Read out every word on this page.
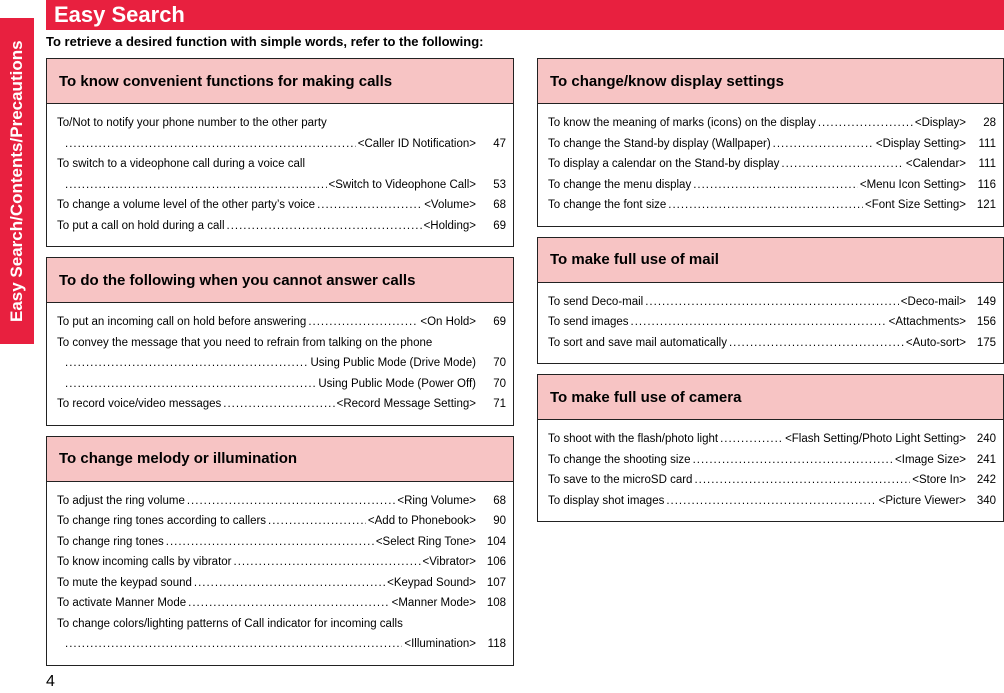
Easy Search/Contents/Precautions
Easy Search
To retrieve a desired function with simple words, refer to the following:
To know convenient functions for making calls
To/Not to notify your phone number to the other party
.....
<Caller ID Notification>	47
To switch to a videophone call during a voice call
.....
<Switch to Videophone Call>	53
To change a volume level of the other party’s voice .....	<Volume>	68
To put a call on hold during a call .....	<Holding>	69
To do the following when you cannot answer calls
To put an incoming call on hold before answering .....	<On Hold>	69
To convey the message that you need to refrain from talking on the phone
.....
Using Public Mode (Drive Mode)	70
.....
Using Public Mode (Power Off)	70
To record voice/video messages .....	<Record Message Setting>	71
To change melody or illumination
To adjust the ring volume .....	<Ring Volume>	68
To change ring tones according to callers .....	<Add to Phonebook>	90
To change ring tones .....	<Select Ring Tone> 104
To know incoming calls by vibrator .....	<Vibrator> 106
To mute the keypad sound .....	<Keypad Sound> 107
To activate Manner Mode .....	<Manner Mode> 108
To change colors/lighting patterns of Call indicator for incoming calls
.....
<Illumination>	118
To change/know display settings
To know the meaning of marks (icons) on the display .....	<Display>	28
To change the Stand-by display (Wallpaper) .....	<Display Setting>	111
To display a calendar on the Stand-by display .....	<Calendar>	111
To change the menu display .....	<Menu Icon Setting>	116
To change the font size .....	<Font Size Setting> 121
To make full use of mail
To send Deco-mail .....	<Deco-mail> 149
To send images .....	<Attachments> 156
To sort and save mail automatically .....	<Auto-sort> 175
To make full use of camera
To shoot with the flash/photo light .....	<Flash Setting/Photo Light Setting> 240
To change the shooting size .....	<Image Size> 241
To save to the microSD card .....	<Store In> 242
To display shot images .....	<Picture Viewer> 340
4
